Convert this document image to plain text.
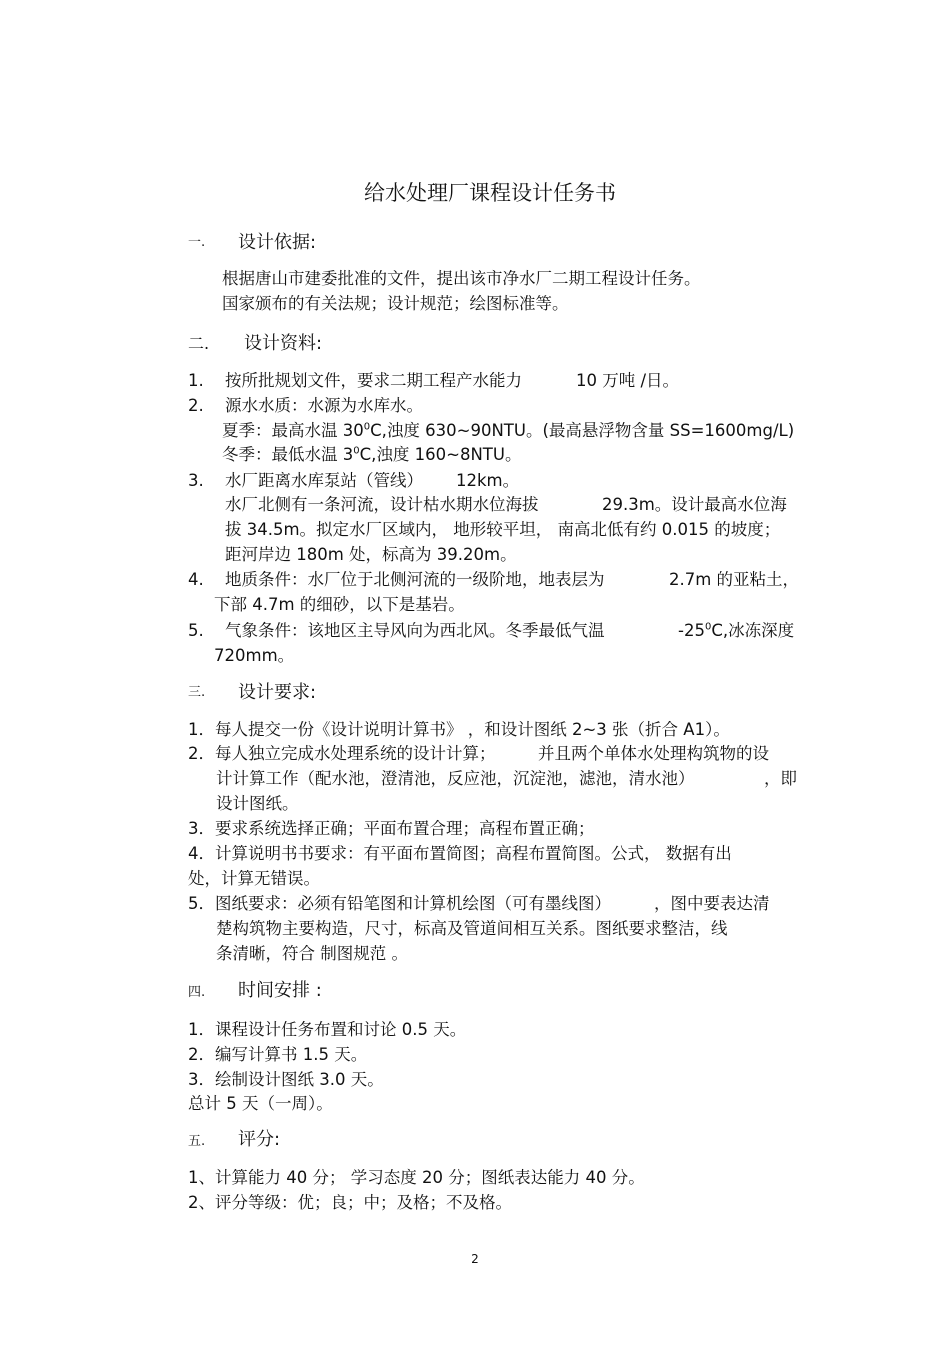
给水处理厂课程设计任务书
一. 设计依据:
根据唐山市建委批准的文件，提出该市净水厂二期工程设计任务。
国家颁布的有关法规；设计规范；绘图标准等。
二. 设计资料:
1. 按所批规划文件，要求二期工程产水能力	10 万吨 /日。
2. 源水水质：水源为水库水。
夏季：最高水温 $30^0C$,浊度 630~90NTU。(最高悬浮物含量 SS=1600mg/L)
冬季：最低水温 $3^0C$,浊度 160~8NTU。
3. 水厂距离水库泵站（管线） 12km。
水厂北侧有一条河流，设计枯水期水位海拔	29.3m。设计最高水位海
拔 34.5m。拟定水厂区域内， 地形较平坦， 南高北低有约 0.015 的坡度；
距河岸边 180m 处，标高为 39.20m。
4. 地质条件：水厂位于北侧河流的一级阶地，地表层为	2.7m 的亚粘土，
下部 4.7m 的细砂，以下是基岩。
5. 气象条件：该地区主导风向为西北风。冬季最低气温	$-25^0C$,冰冻深度
720mm。
三. 设计要求:
1．每人提交一份《设计说明计算书》 ，和设计图纸 2~3 张（折合 A1）。
2．每人独立完成水处理系统的设计计算；	并且两个单体水处理构筑物的设
计计算工作（配水池，澄清池，反应池，沉淀池，滤池，清水池）	，即
设计图纸。
3．要求系统选择正确；平面布置合理；高程布置正确；
4．计算说明书书要求：有平面布置简图；高程布置简图。公式， 数据有出
处，计算无错误。
5．图纸要求：必须有铅笔图和计算机绘图（可有墨线图）	，图中要表达清
楚构筑物主要构造，尺寸，标高及管道间相互关系。图纸要求整洁，线
条清晰，符合 制图规范 。
四. 时间安排 :
1．课程设计任务布置和讨论 0.5 天。
2．编写计算书 1.5 天。
3．绘制设计图纸 3.0 天。
总计 5 天（一周）。
五. 评分:
1、计算能力 40 分； 学习态度 20 分；图纸表达能力 40 分。
2、评分等级：优；良；中；及格；不及格。
2
